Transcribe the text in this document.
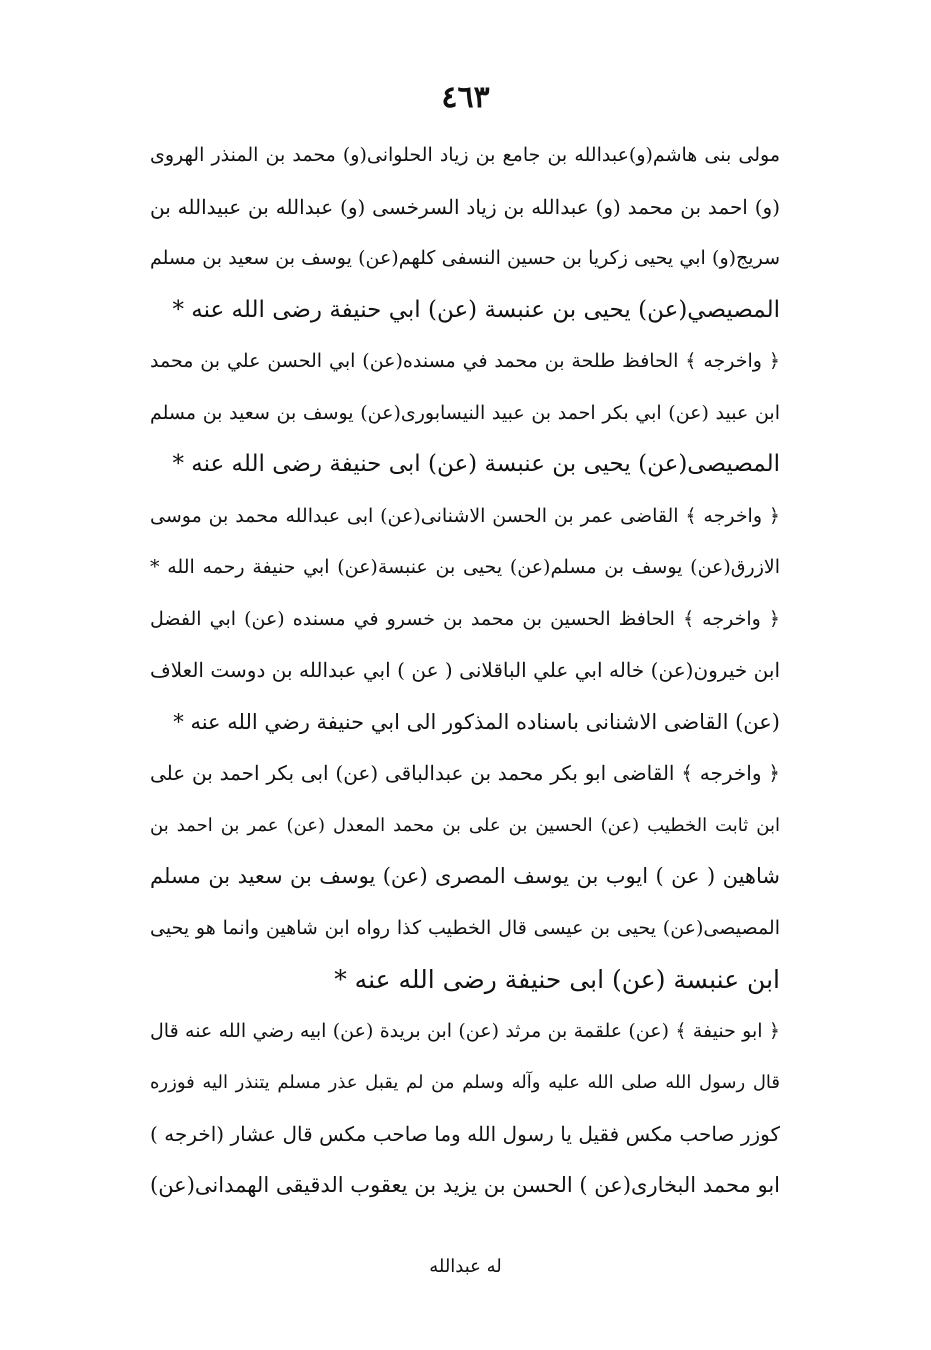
٤٦٣
مولى بنى هاشم(و)عبدالله بن جامع بن زياد الحلوانى(و) محمد بن المنذر الهروى
(و) احمد بن محمد (و) عبدالله بن زياد السرخسى (و) عبدالله بن عبيدالله بن
سريج(و) ابي يحيى زكريا بن حسين النسفى كلهم(عن) يوسف بن سعيد بن مسلم
المصيصي(عن) يحيى بن عنبسة (عن) ابي حنيفة رضى الله عنه *
﴿ واخرجه ﴾ الحافظ طلحة بن محمد في مسنده(عن) ابي الحسن علي بن محمد
ابن عبيد (عن) ابي بكر احمد بن عبيد النيسابورى(عن) يوسف بن سعيد بن مسلم
المصيصى(عن) يحيى بن عنبسة (عن) ابى حنيفة رضى الله عنه *
﴿ واخرجه ﴾ القاضى عمر بن الحسن الاشنانى(عن) ابى عبدالله محمد بن موسى
الازرق(عن) يوسف بن مسلم(عن) يحيى بن عنبسة(عن) ابي حنيفة رحمه الله *
﴿ واخرجه ﴾ الحافظ الحسين بن محمد بن خسرو في مسنده (عن) ابي الفضل
ابن خيرون(عن) خاله ابي علي الباقلانى ( عن ) ابي عبدالله بن دوست العلاف
(عن) القاضى الاشنانى باسناده المذكور الى ابي حنيفة رضي الله عنه *
﴿ واخرجه ﴾ القاضى ابو بكر محمد بن عبدالباقى (عن) ابى بكر احمد بن على
ابن ثابت الخطيب (عن) الحسين بن على بن محمد المعدل (عن) عمر بن احمد بن
شاهين ( عن ) ايوب بن يوسف المصرى (عن) يوسف بن سعيد بن مسلم
المصيصى(عن) يحيى بن عيسى قال الخطيب كذا رواه ابن شاهين وانما هو يحيى
ابن عنبسة (عن) ابى حنيفة رضى الله عنه *
﴿ ابو حنيفة ﴾ (عن) علقمة بن مرثد (عن) ابن بريدة (عن) ابيه رضي الله عنه قال
قال رسول الله صلى الله عليه وآله وسلم من لم يقبل عذر مسلم يتنذر اليه فوزره
كوزر صاحب مكس فقيل يا رسول الله وما صاحب مكس قال عشار (اخرجه )
ابو محمد البخارى(عن ) الحسن بن يزيد بن يعقوب الدقيقى الهمدانى(عن)
له عبدالله
